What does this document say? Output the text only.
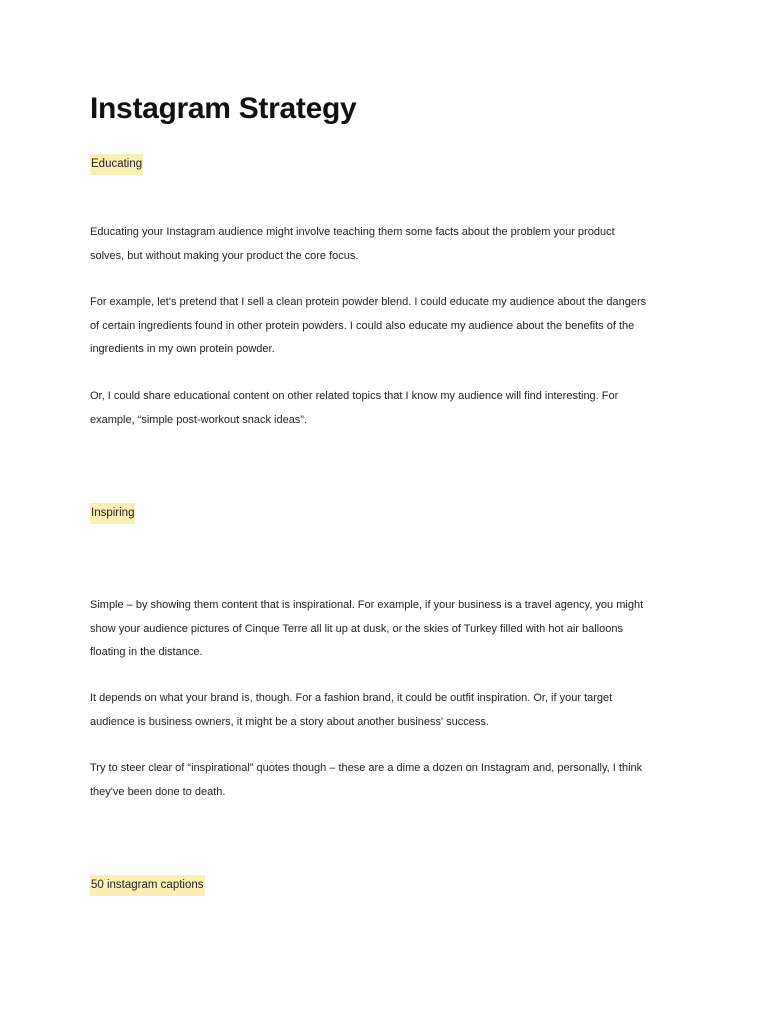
Instagram Strategy
Educating

Educating your Instagram audience might involve teaching them some facts about the problem your product
solves, but without making your product the core focus.

For example, let's pretend that I sell a clean protein powder blend. I could educate my audience about the dangers
of certain ingredients found in other protein powders. I could also educate my audience about the benefits of the
ingredients in my own protein powder.

Or, I could share educational content on other related topics that I know my audience will find interesting. For
example, “simple post-workout snack ideas”.

Inspiring

Simple – by showing them content that is inspirational. For example, if your business is a travel agency, you might
show your audience pictures of Cinque Terre all lit up at dusk, or the skies of Turkey filled with hot air balloons
floating in the distance.

It depends on what your brand is, though. For a fashion brand, it could be outfit inspiration. Or, if your target
audience is business owners, it might be a story about another business' success.

Try to steer clear of “inspirational” quotes though – these are a dime a dozen on Instagram and, personally, I think
they've been done to death.

50 instagram captions
